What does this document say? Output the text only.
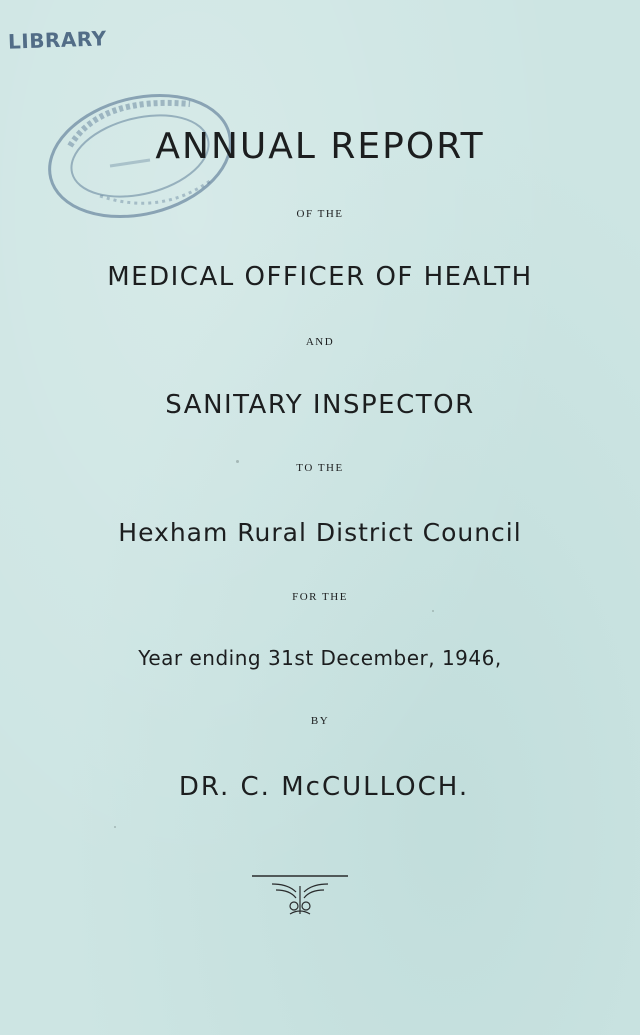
LIBRARY
ANNUAL REPORT
OF THE
MEDICAL OFFICER OF HEALTH
AND
SANITARY INSPECTOR
TO THE
Hexham Rural District Council
FOR THE
Year ending 31st December, 1946,
BY
DR. C. McCULLOCH.
